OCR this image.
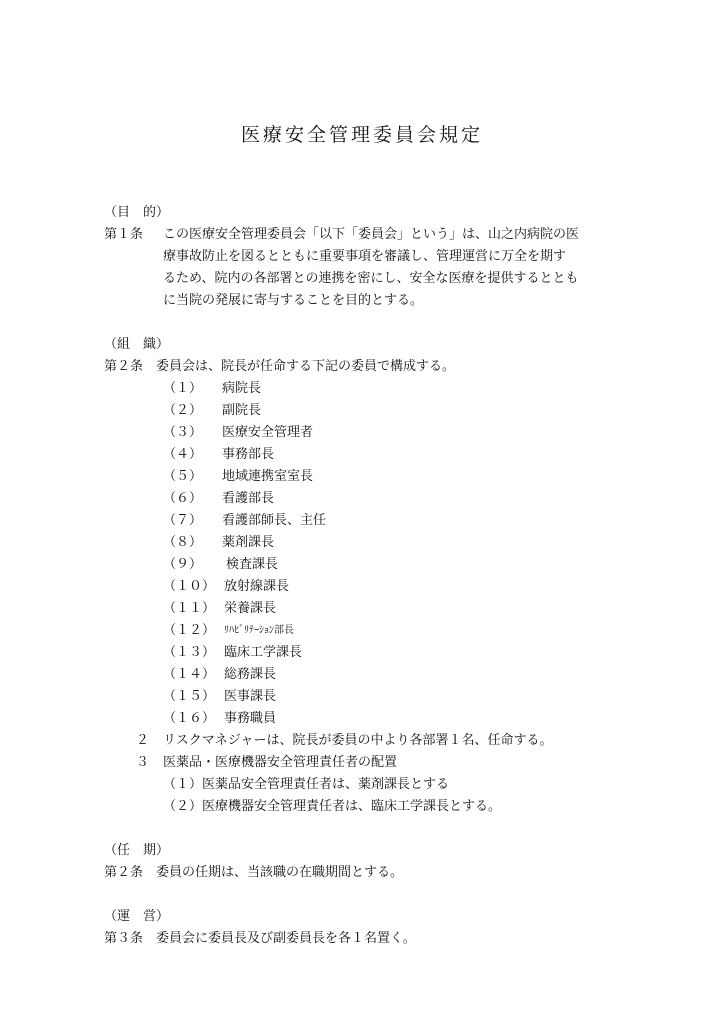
医療安全管理委員会規定
（目　的）
第１条 この医療安全管理委員会「以下「委員会」という」は、山之内病院の医
療事故防止を図るとともに重要事項を審議し、管理運営に万全を期す
るため、院内の各部署との連携を密にし、安全な医療を提供するととも
に当院の発展に寄与することを目的とする。
（組　織）
第２条 委員会は、院長が任命する下記の委員で構成する。
（１） 病院長
（２） 副院長
（３） 医療安全管理者
（４） 事務部長
（５） 地域連携室室長
（６） 看護部長
（７） 看護部師長、主任
（８） 薬剤課長
（９） 検査課長
（１０） 放射線課長
（１１） 栄養課長
（１２） ﾘﾊﾋﾞﾘﾃｰｼｮﾝ部長
（１３） 臨床工学課長
（１４） 総務課長
（１５） 医事課長
（１６） 事務職員
２ リスクマネジャーは、院長が委員の中より各部署１名、任命する。
３ 医薬品・医療機器安全管理責任者の配置
（１）医薬品安全管理責任者は、薬剤課長とする
（２）医療機器安全管理責任者は、臨床工学課長とする。
（任　期）
第２条 委員の任期は、当該職の在職期間とする。
（運　営）
第３条 委員会に委員長及び副委員長を各１名置く。
